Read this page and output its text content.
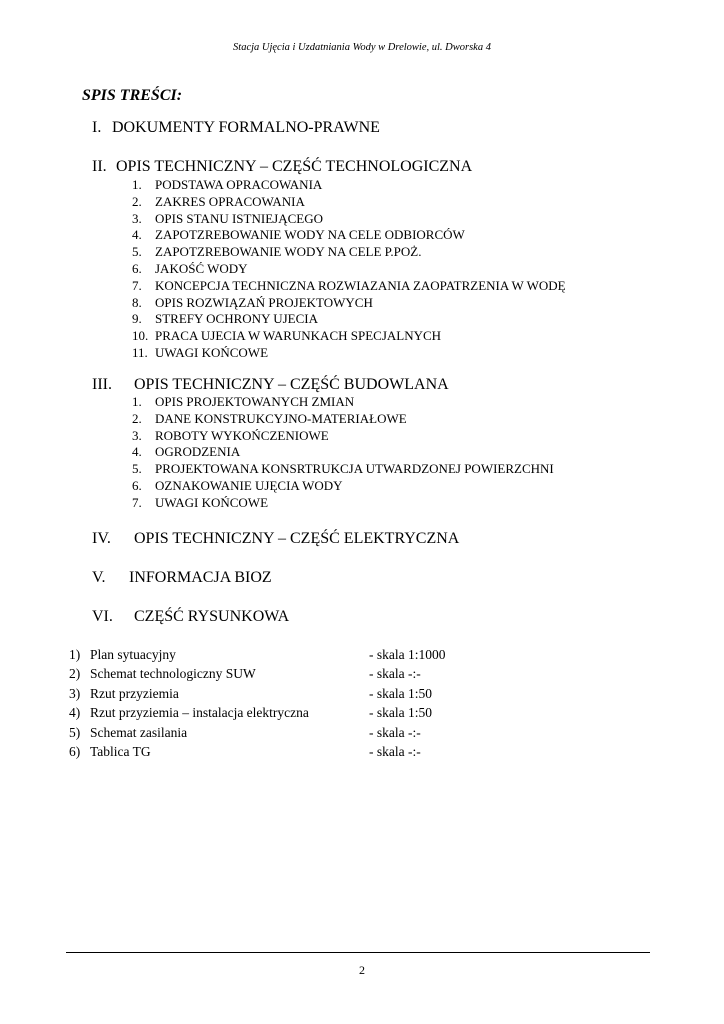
Stacja Ujęcia i Uzdatniania Wody w Drelowie, ul. Dworska 4

SPIS TREŚCI:

I. DOKUMENTY FORMALNO-PRAWNE
II. OPIS TECHNICZNY – CZĘŚĆ TECHNOLOGICZNA
1. PODSTAWA OPRACOWANIA
2. ZAKRES OPRACOWANIA
3. OPIS STANU ISTNIEJĄCEGO
4. ZAPOTZREBOWANIE WODY NA CELE ODBIORCÓW
5. ZAPOTZREBOWANIE WODY NA CELE P.POŻ.
6. JAKOŚĆ WODY
7. KONCEPCJA TECHNICZNA ROZWIAZANIA ZAOPATRZENIA W WODĘ
8. OPIS ROZWIĄZAŃ PROJEKTOWYCH
9. STREFY OCHRONY UJECIA
10. PRACA UJECIA W WARUNKACH SPECJALNYCH
11. UWAGI KOŃCOWE
III. OPIS TECHNICZNY – CZĘŚĆ BUDOWLANA
1. OPIS PROJEKTOWANYCH ZMIAN
2. DANE KONSTRUKCYJNO-MATERIAŁOWE
3. ROBOTY WYKOŃCZENIOWE
4. OGRODZENIA
5. PROJEKTOWANA KONSRTRUKCJA UTWARDZONEJ POWIERZCHNI
6. OZNAKOWANIE UJĘCIA WODY
7. UWAGI KOŃCOWE
IV. OPIS TECHNICZNY – CZĘŚĆ ELEKTRYCZNA
V. INFORMACJA BIOZ
VI. CZĘŚĆ RYSUNKOWA
1) Plan sytuacyjny	- skala 1:1000
2) Schemat technologiczny SUW	- skala -:-
3) Rzut przyziemia	- skala 1:50
4) Rzut przyziemia – instalacja elektryczna	- skala 1:50
5) Schemat zasilania	- skala -:-
6) Tablica TG	- skala -:-
2
